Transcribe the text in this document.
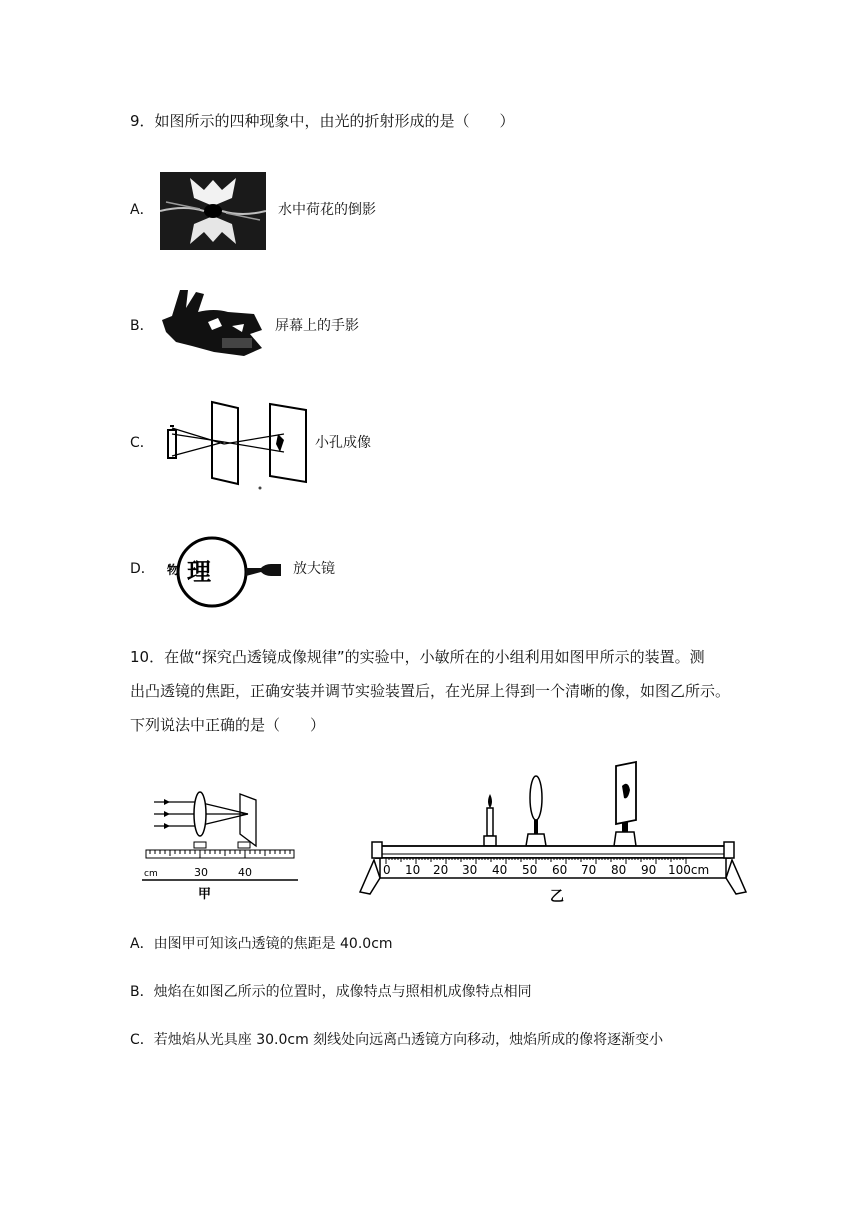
9．如图所示的四种现象中，由光的折射形成的是（　　）
A．	水中荷花的倒影
B．	屏幕上的手影
C．	小孔成像
D． 物 理	放大镜
10．在做“探究凸透镜成像规律”的实验中，小敏所在的小组利用如图甲所示的装置。测
出凸透镜的焦距，正确安装并调节实验装置后，在光屏上得到一个清晰的像，如图乙所示。
下列说法中正确的是（　　）
cm	30	40
甲
0 10 20 30 40 50 60 70 80 90 100cm
乙
A．由图甲可知该凸透镜的焦距是 40.0cm
B．烛焰在如图乙所示的位置时，成像特点与照相机成像特点相同
C．若烛焰从光具座 30.0cm 刻线处向远离凸透镜方向移动，烛焰所成的像将逐渐变小
